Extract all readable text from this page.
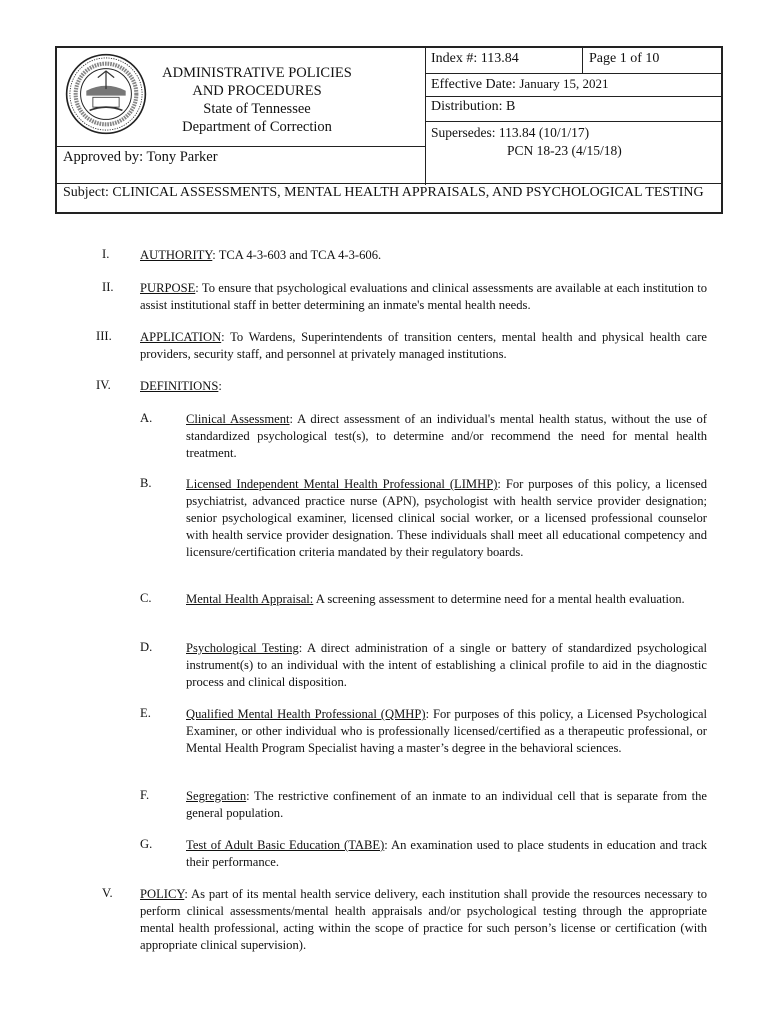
ADMINISTRATIVE POLICIES
AND PROCEDURES
State of Tennessee
Department of Correction
Approved by: Tony Parker
Index #: 113.84	Page 1 of 10
Effective Date: January 15, 2021
Distribution: B
Supersedes: 113.84 (10/1/17)
PCN 18-23 (4/15/18)
Subject: CLINICAL ASSESSMENTS, MENTAL HEALTH APPRAISALS, AND PSYCHOLOGICAL TESTING
I. AUTHORITY: TCA 4-3-603 and TCA 4-3-606.
II. PURPOSE: To ensure that psychological evaluations and clinical assessments are available at each institution to assist institutional staff in better determining an inmate's mental health needs.
III. APPLICATION: To Wardens, Superintendents of transition centers, mental health and physical health care providers, security staff, and personnel at privately managed institutions.
IV. DEFINITIONS:
A.	Clinical Assessment: A direct assessment of an individual's mental health status, without the use of standardized psychological test(s), to determine and/or recommend the need for mental health treatment.
B.	Licensed Independent Mental Health Professional (LIMHP): For purposes of this policy, a licensed psychiatrist, advanced practice nurse (APN), psychologist with health service provider designation; senior psychological examiner, licensed clinical social worker, or a licensed professional counselor with health service provider designation. These individuals shall meet all educational competency and licensure/certification criteria mandated by their regulatory boards.
C.	Mental Health Appraisal: A screening assessment to determine need for a mental health evaluation.
D.	Psychological Testing: A direct administration of a single or battery of standardized psychological instrument(s) to an individual with the intent of establishing a clinical profile to aid in the diagnostic process and clinical disposition.
E.	Qualified Mental Health Professional (QMHP): For purposes of this policy, a Licensed Psychological Examiner, or other individual who is professionally licensed/certified as a therapeutic professional, or Mental Health Program Specialist having a master’s degree in the behavioral sciences.
F.	Segregation: The restrictive confinement of an inmate to an individual cell that is separate from the general population.
G.	Test of Adult Basic Education (TABE): An examination used to place students in education and track their performance.
V. POLICY: As part of its mental health service delivery, each institution shall provide the resources necessary to perform clinical assessments/mental health appraisals and/or psychological testing through the appropriate mental health professional, acting within the scope of practice for such person’s license or certification (with appropriate clinical supervision).
